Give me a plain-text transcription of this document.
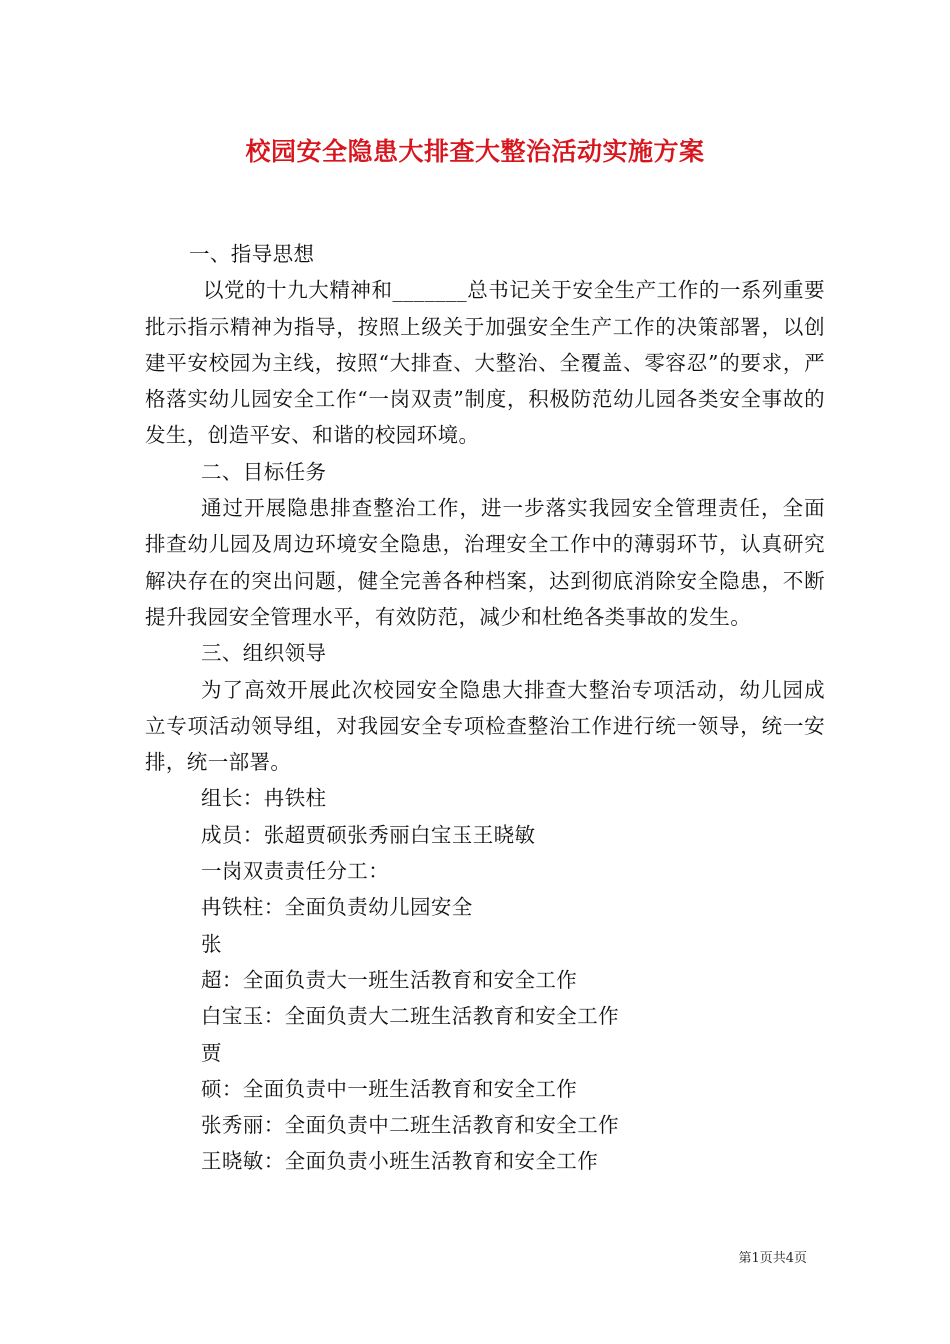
校园安全隐患大排查大整治活动实施方案

一、指导思想

以党的十九大精神和_______总书记关于安全生产工作的一系列重要批示指示精神为指导，按照上级关于加强安全生产工作的决策部署，以创建平安校园为主线，按照“大排查、大整治、全覆盖、零容忍”的要求，严格落实幼儿园安全工作“一岗双责”制度，积极防范幼儿园各类安全事故的发生，创造平安、和谐的校园环境。

二、目标任务

通过开展隐患排查整治工作，进一步落实我园安全管理责任，全面排查幼儿园及周边环境安全隐患，治理安全工作中的薄弱环节，认真研究解决存在的突出问题，健全完善各种档案，达到彻底消除安全隐患，不断提升我园安全管理水平，有效防范，减少和杜绝各类事故的发生。

三、组织领导

为了高效开展此次校园安全隐患大排查大整治专项活动，幼儿园成立专项活动领导组，对我园安全专项检查整治工作进行统一领导，统一安排，统一部署。

组长：冉铁柱

成员：张超贾硕张秀丽白宝玉王晓敏

一岗双责责任分工：

冉铁柱：全面负责幼儿园安全

张

超：全面负责大一班生活教育和安全工作

白宝玉：全面负责大二班生活教育和安全工作

贾

硕：全面负责中一班生活教育和安全工作

张秀丽：全面负责中二班生活教育和安全工作

王晓敏：全面负责小班生活教育和安全工作

第1页共4页
